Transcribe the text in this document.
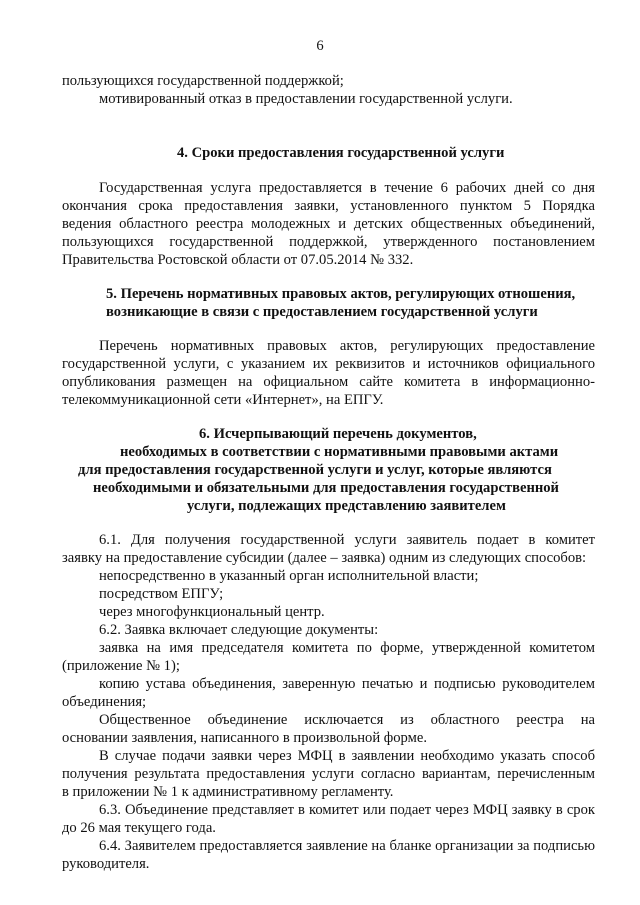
6
пользующихся государственной поддержкой;
мотивированный отказ в предоставлении государственной услуги.
4. Сроки предоставления государственной услуги
Государственная услуга предоставляется в течение 6 рабочих дней со дня
окончания срока предоставления заявки, установленного пунктом 5 Порядка
ведения областного реестра молодежных и детских общественных объединений,
пользующихся государственной поддержкой, утвержденного постановлением
Правительства Ростовской области от 07.05.2014 № 332.
5. Перечень нормативных правовых актов, регулирующих отношения,
возникающие в связи с предоставлением государственной услуги
Перечень нормативных правовых актов, регулирующих предоставление
государственной услуги, с указанием их реквизитов и источников официального
опубликования размещен на официальном сайте комитета в информационно-
телекоммуникационной сети «Интернет», на ЕПГУ.
6. Исчерпывающий перечень документов,
необходимых в соответствии с нормативными правовыми актами
для предоставления государственной услуги и услуг, которые являются
необходимыми и обязательными для предоставления государственной
услуги, подлежащих представлению заявителем
6.1. Для получения государственной услуги заявитель подает в комитет
заявку на предоставление субсидии (далее – заявка) одним из следующих способов:
непосредственно в указанный орган исполнительной власти;
посредством ЕПГУ;
через многофункциональный центр.
6.2. Заявка включает следующие документы:
заявка на имя председателя комитета по форме, утвержденной комитетом
(приложение № 1);
копию устава объединения, заверенную печатью и подписью руководителем
объединения;
Общественное объединение исключается из областного реестра на
основании заявления, написанного в произвольной форме.
В случае подачи заявки через МФЦ в заявлении необходимо указать способ
получения результата предоставления услуги согласно вариантам, перечисленным
в приложении № 1 к административному регламенту.
6.3. Объединение представляет в комитет или подает через МФЦ заявку в срок
до 26 мая текущего года.
6.4. Заявителем предоставляется заявление на бланке организации за подписью
руководителя.
